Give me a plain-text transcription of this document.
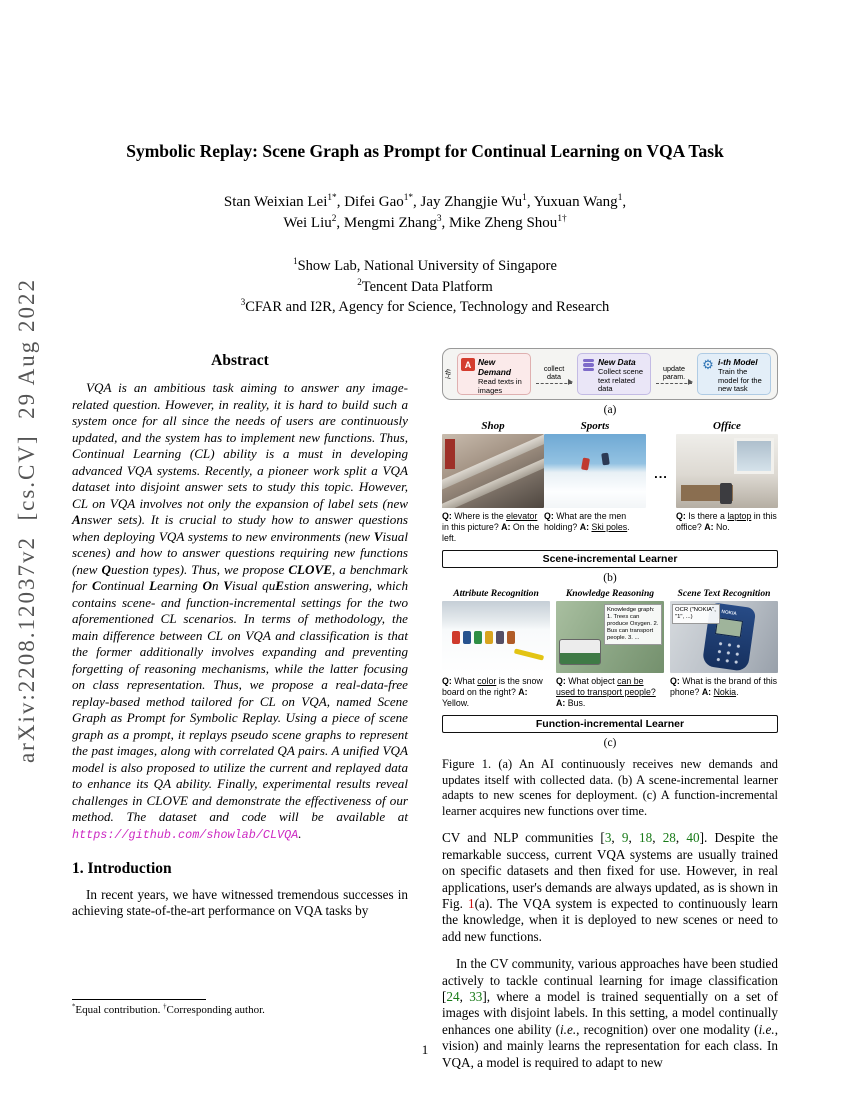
arXiv:2208.12037v2  [cs.CV]  29 Aug 2022
Symbolic Replay: Scene Graph as Prompt for Continual Learning on VQA Task
Stan Weixian Lei$^{1*}$, Difei Gao$^{1*}$, Jay Zhangjie Wu$^1$, Yuxuan Wang$^1$,
Wei Liu$^2$, Mengmi Zhang$^3$, Mike Zheng Shou$^{1\dagger}$
$^1$Show Lab, National University of Singapore
$^2$Tencent Data Platform
$^3$CFAR and I2R, Agency for Science, Technology and Research
Abstract
VQA is an ambitious task aiming to answer any image-related question. However, in reality, it is hard to build such a system once for all since the needs of users are continuously updated, and the system has to implement new functions. Thus, Continual Learning (CL) ability is a must in developing advanced VQA systems. Recently, a pioneer work split a VQA dataset into disjoint answer sets to study this topic. However, CL on VQA involves not only the expansion of label sets (new Answer sets). It is crucial to study how to answer questions when deploying VQA systems to new environments (new Visual scenes) and how to answer questions requiring new functions (new Question types). Thus, we propose CLOVE, a benchmark for Continual Learning On Visual quEstion answering, which contains scene- and function-incremental settings for the two aforementioned CL scenarios. In terms of methodology, the main difference between CL on VQA and classification is that the former additionally involves expanding and preventing forgetting of reasoning mechanisms, while the latter focusing on class representation. Thus, we propose a real-data-free replay-based method tailored for CL on VQA, named Scene Graph as Prompt for Symbolic Replay. Using a piece of scene graph as a prompt, it replays pseudo scene graphs to represent the past images, along with correlated QA pairs. A unified VQA model is also proposed to utilize the current and replayed data to enhance its QA ability. Finally, experimental results reveal challenges in CLOVE and demonstrate the effectiveness of our method. The dataset and code will be available at https://github.com/showlab/CLVQA.
1. Introduction
In recent years, we have witnessed tremendous successes in achieving state-of-the-art performance on VQA tasks by
i-th
A New Demand
Read texts in images
collect data
New Data
Collect scene text related data
update param.
⚙ i-th Model
Train the model for the new task
(a)
Shop
Q: Where is the elevator in this picture? A: On the left.
Sports
Q: What are the men holding? A: Ski poles.
...
Office
Q: Is there a laptop in this office? A: No.
Scene-incremental Learner
(b)
Attribute Recognition
Q: What color is the snow board on the right? A: Yellow.
Knowledge Reasoning
Knowledge graph: 1. Trees can produce Oxygen. 2. Bus can transport people. 3. ...
Q: What object can be used to transport people? A: Bus.
Scene Text Recognition
NOKIA
OCR ("NOKIA", "1", ...)
Q: What is the brand of this phone? A: Nokia.
Function-incremental Learner
(c)
Figure 1. (a) An AI continuously receives new demands and updates itself with collected data. (b) A scene-incremental learner adapts to new scenes for deployment. (c) A function-incremental learner acquires new functions over time.
CV and NLP communities [3, 9, 18, 28, 40]. Despite the remarkable success, current VQA systems are usually trained on specific datasets and then fixed for use. However, in real applications, user's demands are always updated, as is shown in Fig. 1(a). The VQA system is expected to continuously learn the knowledge, when it is deployed to new scenes or need to add new functions.
In the CV community, various approaches have been studied actively to tackle continual learning for image classification [24, 33], where a model is trained sequentially on a set of images with disjoint labels. In this setting, a model continually enhances one ability (i.e., recognition) over one modality (i.e., vision) and mainly learns the representation for each class. In VQA, a model is required to adapt to new
*Equal contribution. †Corresponding author.
1
